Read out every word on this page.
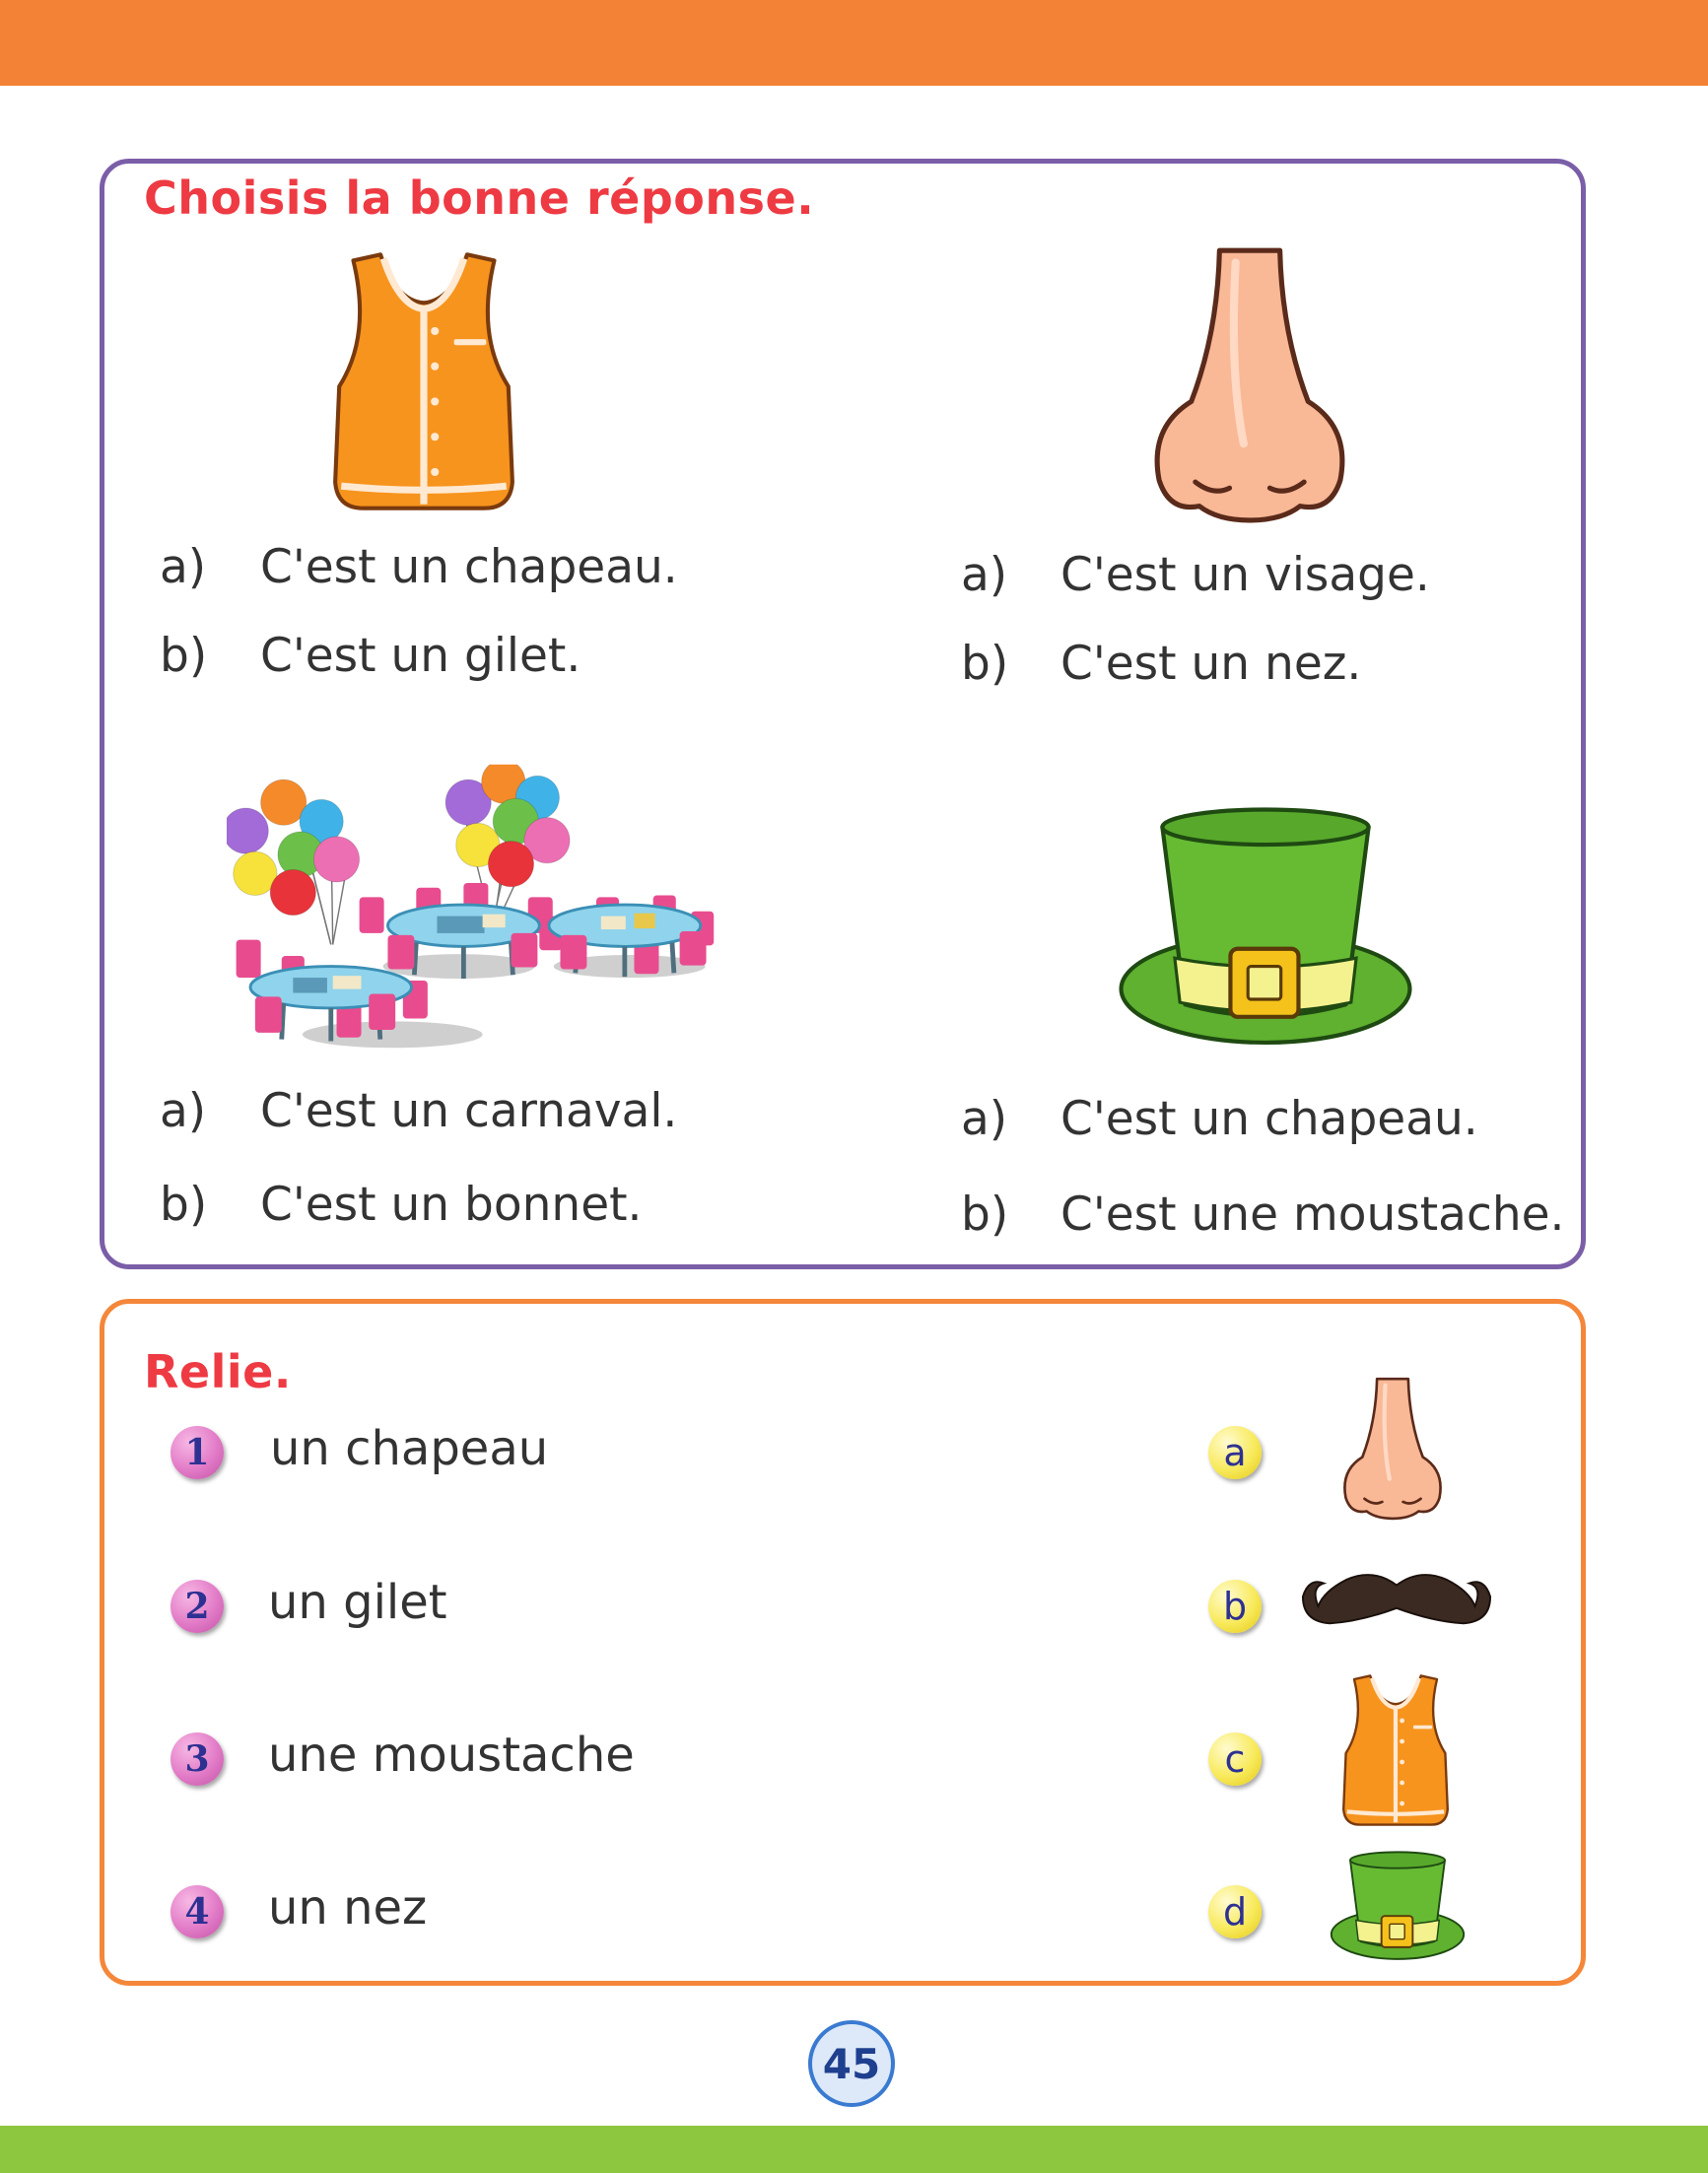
Choisis la bonne réponse.
a) C'est un chapeau.
b) C'est un gilet.
a) C'est un visage.
b) C'est un nez.
a) C'est un carnaval.
b) C'est un bonnet.
a) C'est un chapeau.
b) C'est une moustache.
Relie.
1	un chapeau
2	un gilet
3	une moustache
4	un nez
a
b
c
d
45
